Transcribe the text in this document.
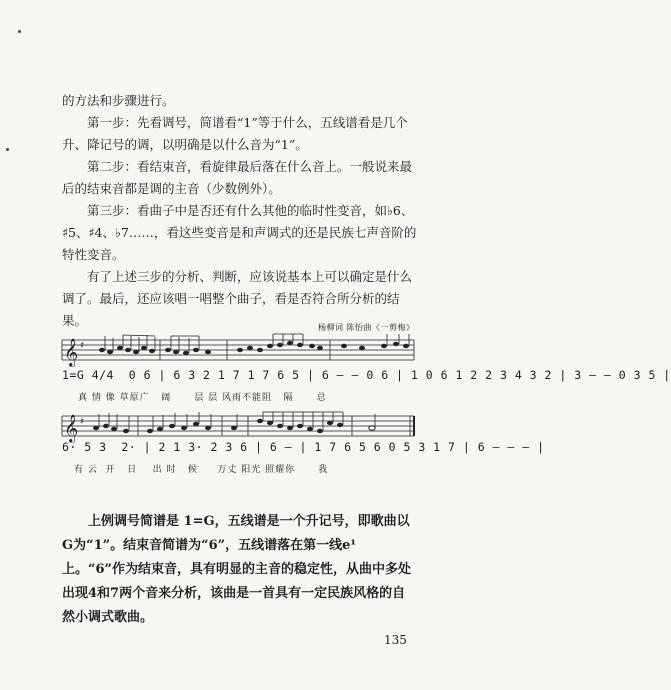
的方法和步骤进行。

第一步：先看调号，简谱看“1”等于什么，五线谱看是几个升、降记号的调，以明确是以什么音为“1”。

第二步：看结束音，看旋律最后落在什么音上。一般说来最后的结束音都是调的主音（少数例外）。

第三步：看曲子中是否还有什么其他的临时性变音，如♭6、♯5、♯4、♭7……，看这些变音是和声调式的还是民族七声音阶的特性变音。

有了上述三步的分析、判断，应该说基本上可以确定是什么调了。最后，还应该唱一唱整个曲子，看是否符合所分析的结果。	杨柳词 陈怡曲《一剪梅》
𝄞 ♯
1=G 4/4  0 6 | 6 3 2 1 7 1 7 6 5 | 6 — — 0 6 | 1 0 6 1 2 2 3 4 3 2 | 3 — — 0 3 5 |
真 情 像 草原广   阔      层 层 风雨不能阻   隔      总
𝄞 ♯
6· 5 3  2· | 2 1 3· 2 3 6 | 6 — | 1 7 6 5 6 0 5 3 1 7 | 6 — — — |
有 云  开   日    出 时   候     万丈 阳光 照耀你      我

上例调号简谱是 1=G，五线谱是一个升记号，即歌曲以G为“1”。结束音简谱为“6”，五线谱落在第一线e¹上。“6”作为结束音，具有明显的主音的稳定性，从曲中多处出现4和7两个音来分析，该曲是一首具有一定民族风格的自然小调式歌曲。

135
